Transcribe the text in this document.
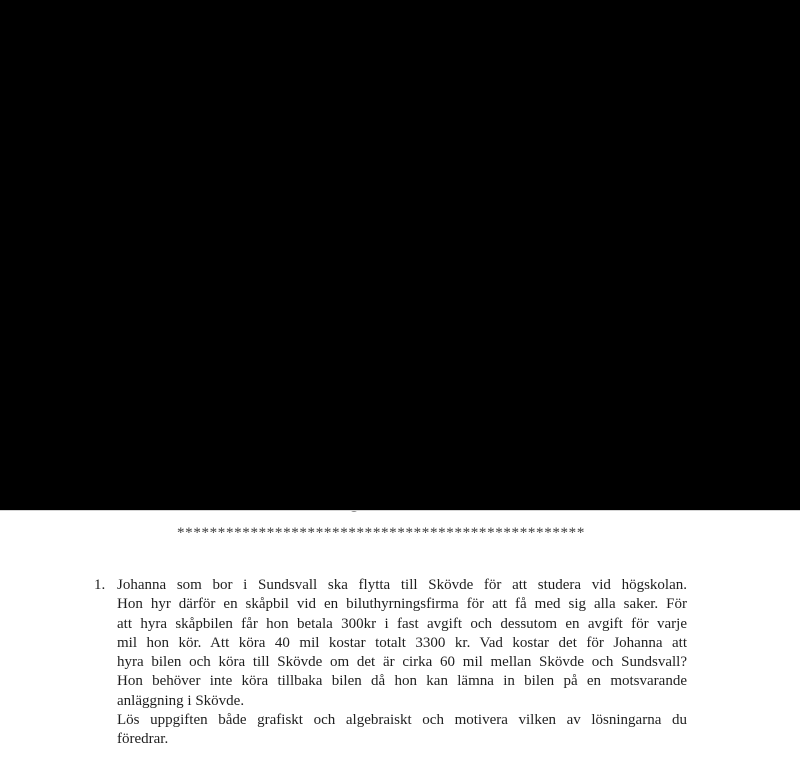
**************************************************
1. Johanna som bor i Sundsvall ska flytta till Skövde för att studera vid högskolan.
Hon hyr därför en skåpbil vid en biluthyrningsfirma för att få med sig alla saker. För
att hyra skåpbilen får hon betala 300kr i fast avgift och dessutom en avgift för varje
mil hon kör. Att köra 40 mil kostar totalt 3300 kr. Vad kostar det för Johanna att
hyra bilen och köra till Skövde om det är cirka 60 mil mellan Skövde och Sundsvall?
Hon behöver inte köra tillbaka bilen då hon kan lämna in bilen på en motsvarande
anläggning i Skövde.
Lös uppgiften både grafiskt och algebraiskt och motivera vilken av lösningarna du
föredrar.
